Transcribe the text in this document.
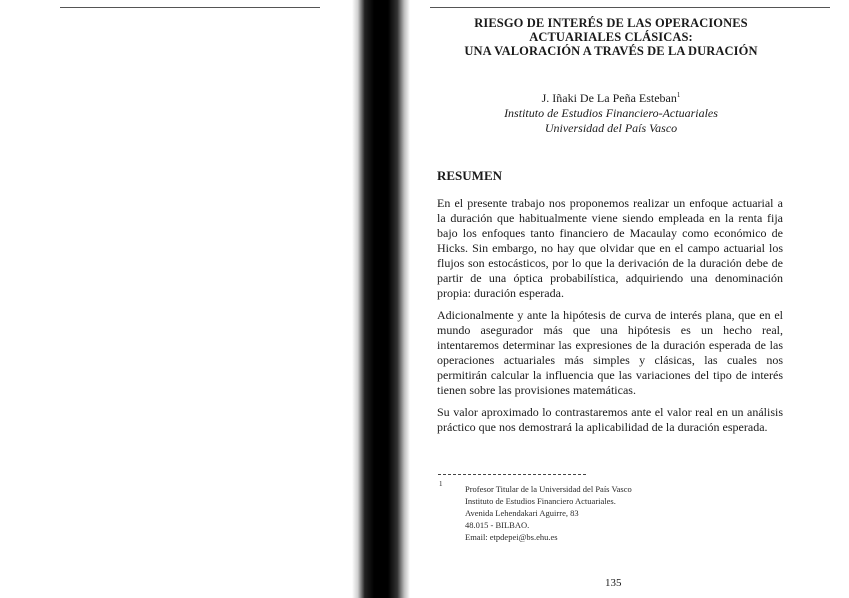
RIESGO DE INTERÉS DE LAS OPERACIONES
ACTUARIALES CLÁSICAS:
UNA VALORACIÓN A TRAVÉS DE LA DURACIÓN
J. Iñaki De La Peña Esteban$^1$
Instituto de Estudios Financiero-Actuariales
Universidad del País Vasco
RESUMEN
En el presente trabajo nos proponemos realizar un enfoque actuarial a la duración que habitualmente viene siendo empleada en la renta fija bajo los enfoques tanto financiero de Macaulay como económico de Hicks. Sin embargo, no hay que olvidar que en el campo actuarial los flujos son estocásticos, por lo que la derivación de la duración debe de partir de una óptica probabilística, adquiriendo una denominación propia: duración esperada.
Adicionalmente y ante la hipótesis de curva de interés plana, que en el mundo asegurador más que una hipótesis es un hecho real, intentaremos determinar las expresiones de la duración esperada de las operaciones actuariales más simples y clásicas, las cuales nos permitirán calcular la influencia que las variaciones del tipo de interés tienen sobre las provisiones matemáticas.
Su valor aproximado lo contrastaremos ante el valor real en un análisis práctico que nos demostrará la aplicabilidad de la duración esperada.
1	Profesor Titular de la Universidad del País Vasco
Instituto de Estudios Financiero Actuariales.
Avenida Lehendakari Aguirre, 83
48.015 - BILBAO.
Email: etpdepei@bs.ehu.es
135
